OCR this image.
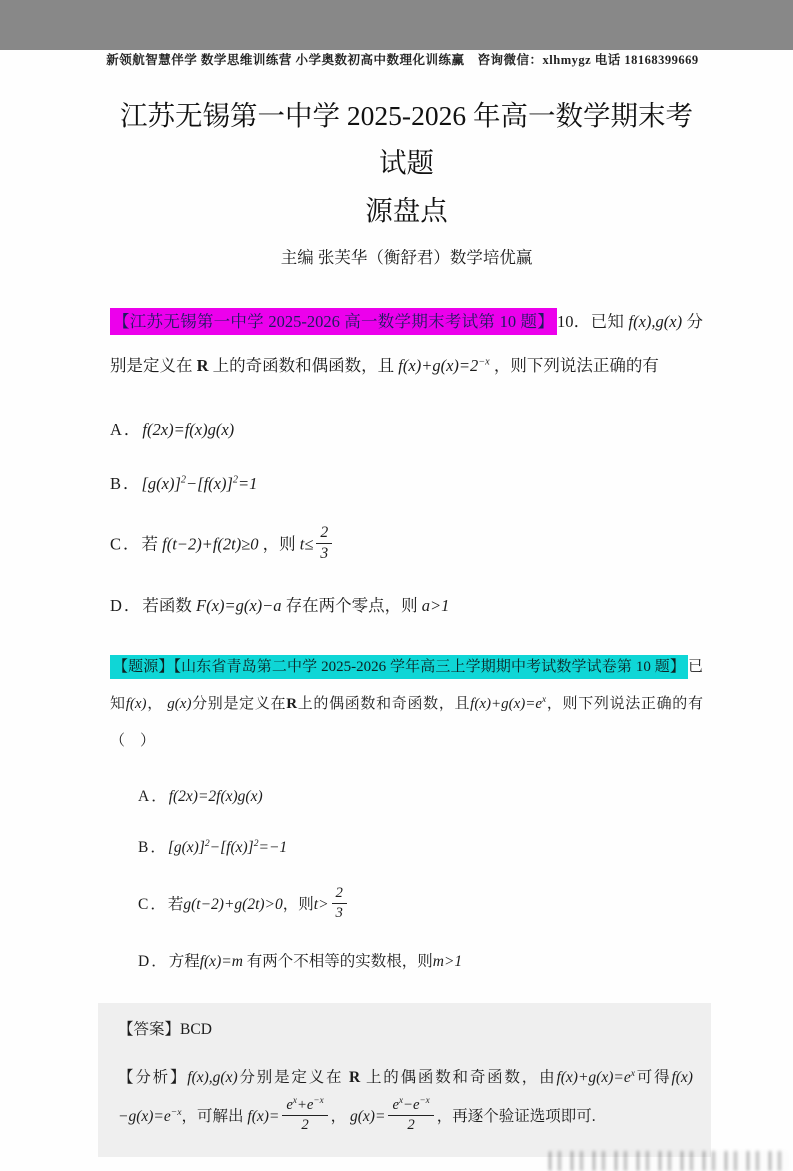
新领航智慧伴学 数学思维训练营 小学奥数初高中数理化训练赢　咨询微信：xlhmygz 电话 18168399669
江苏无锡第一中学 2025-2026 年高一数学期末考试题
源盘点
主编 张芙华（衡舒君）数学培优赢
【江苏无锡第一中学 2025-2026 高一数学期末考试第 10 题】 10．已知 f(x),g(x) 分别是定义在 R 上的奇函数和偶函数，且 $f(x)+g(x)=2^{-x}$ ，则下列说法正确的有
A．f(2x)=f(x)g(x)
B．$[g(x)]^2-[f(x)]^2=1$
C．若 f(t−2)+f(2t)≥0 ，则 $t\le \frac{2}{3}$
D．若函数 F(x)=g(x)−a 存在两个零点，则 a>1
【题源】【山东省青岛第二中学 2025-2026 学年高三上学期期中考试数学试卷第 10 题】 已知f(x)， g(x)分别是定义在R上的偶函数和奇函数，且$f(x)+g(x)=e^x$，则下列说法正确的有（　）
A．f(2x)=2f(x)g(x)
B．$[g(x)]^2-[f(x)]^2=-1$
C．若g(t−2)+g(2t)>0，则$t> \frac{2}{3}$
D．方程f(x)=m 有两个不相等的实数根，则m>1
【答案】BCD
【分析】f(x),g(x)分别是定义在 R 上的偶函数和奇函数，由$f(x)+g(x)=e^x$可得$f(x)-g(x)=e^{-x}$，可解出 $f(x)= \frac{e^x+e^{-x}}{2}$ ， $g(x)= \frac{e^x-e^{-x}}{2}$ ，再逐个验证选项即可.
